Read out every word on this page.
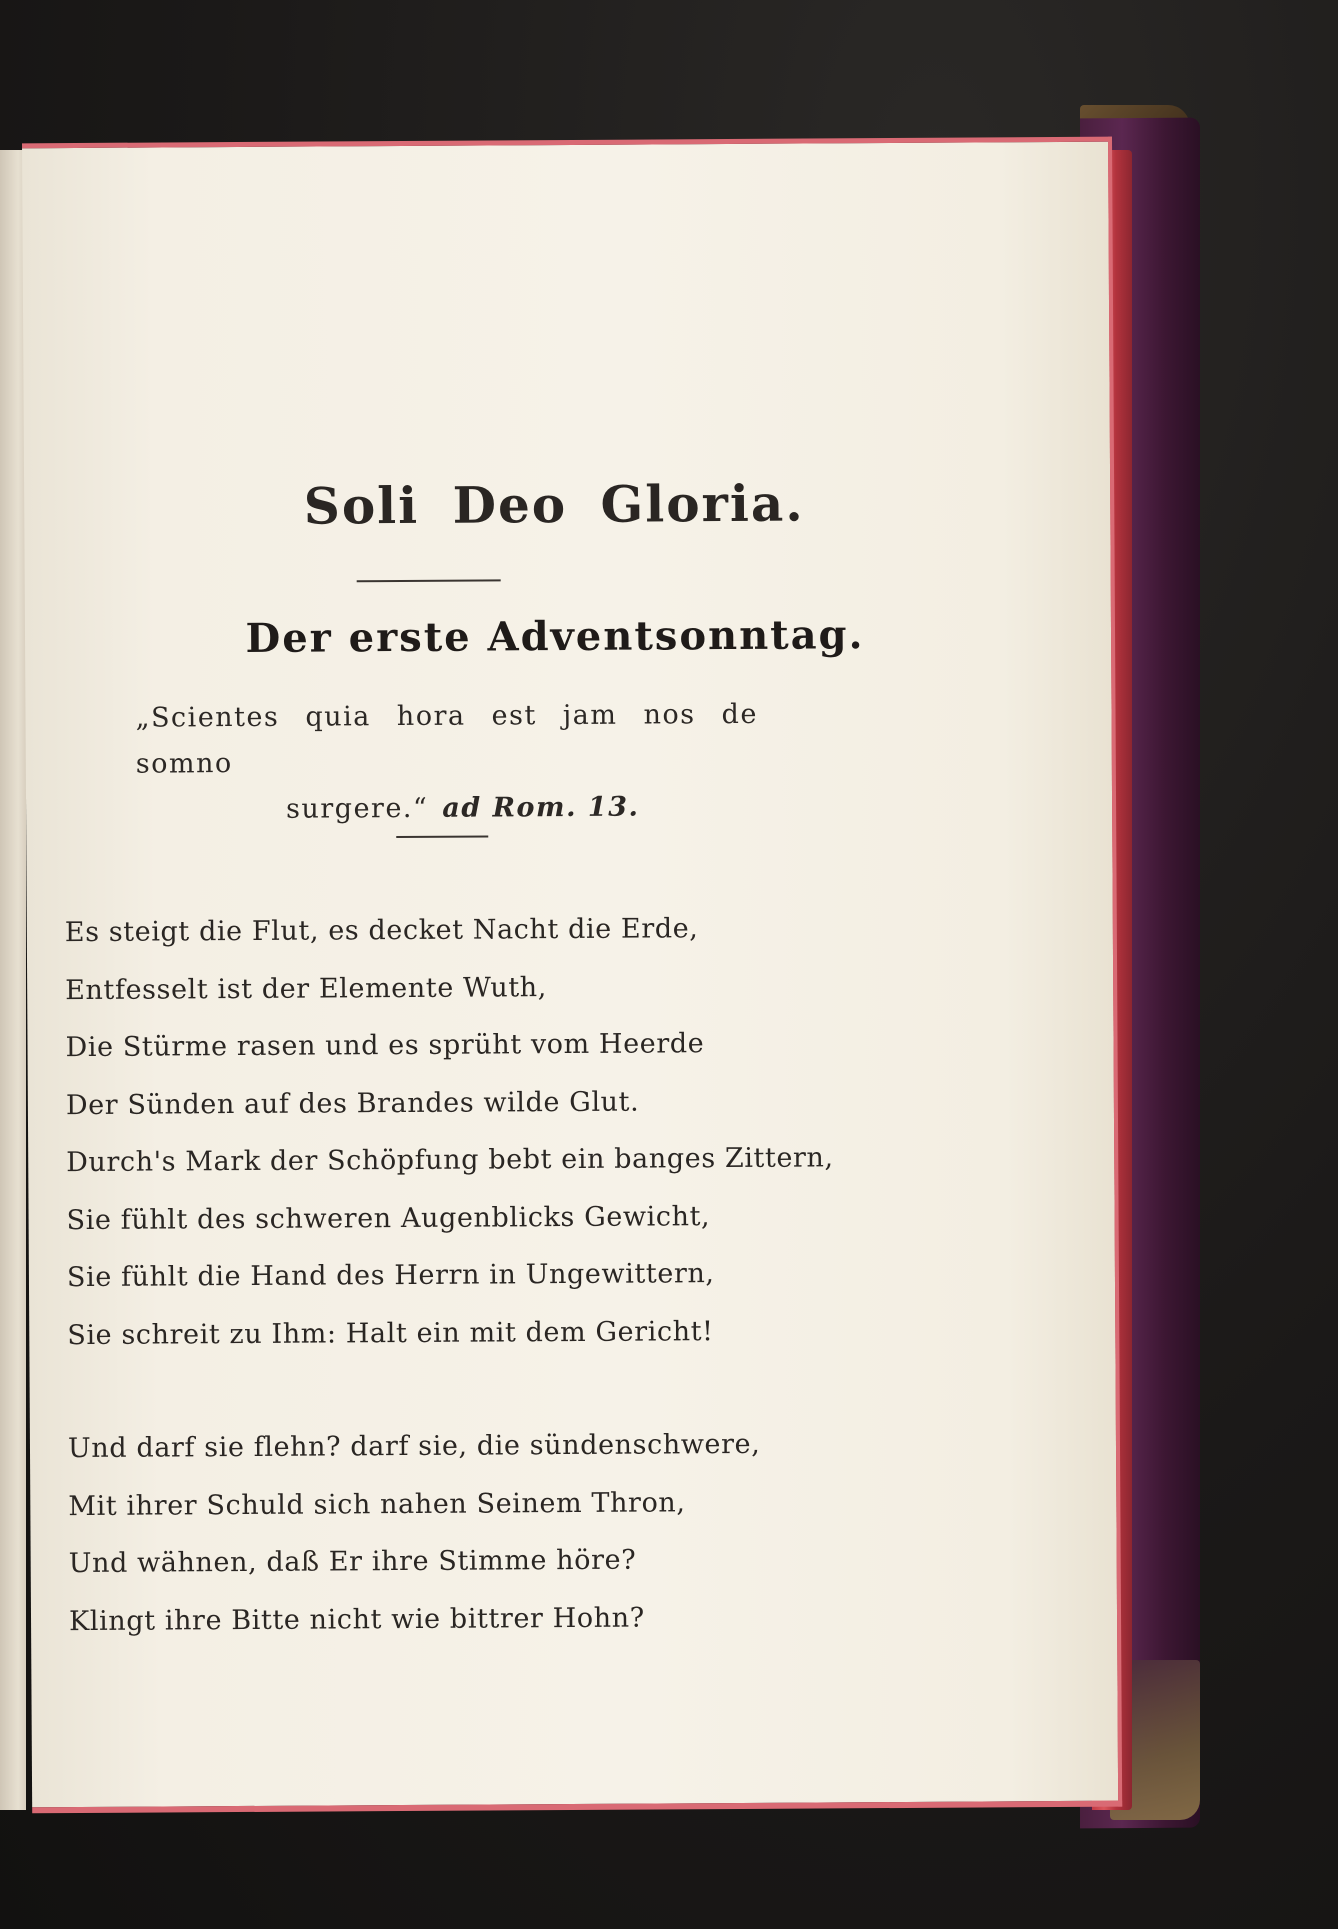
Soli Deo Gloria.
Der erste Adventsonntag.
„Scientes quia hora est jam nos de somno
surgere.“ ad Rom. 13.
Es steigt die Flut, es decket Nacht die Erde,
Entfesselt ist der Elemente Wuth,
Die Stürme rasen und es sprüht vom Heerde
Der Sünden auf des Brandes wilde Glut.
Durch's Mark der Schöpfung bebt ein banges Zittern,
Sie fühlt des schweren Augenblicks Gewicht,
Sie fühlt die Hand des Herrn in Ungewittern,
Sie schreit zu Ihm: Halt ein mit dem Gericht!
Und darf sie flehn? darf sie, die sündenschwere,
Mit ihrer Schuld sich nahen Seinem Thron,
Und wähnen, daß Er ihre Stimme höre?
Klingt ihre Bitte nicht wie bittrer Hohn?
